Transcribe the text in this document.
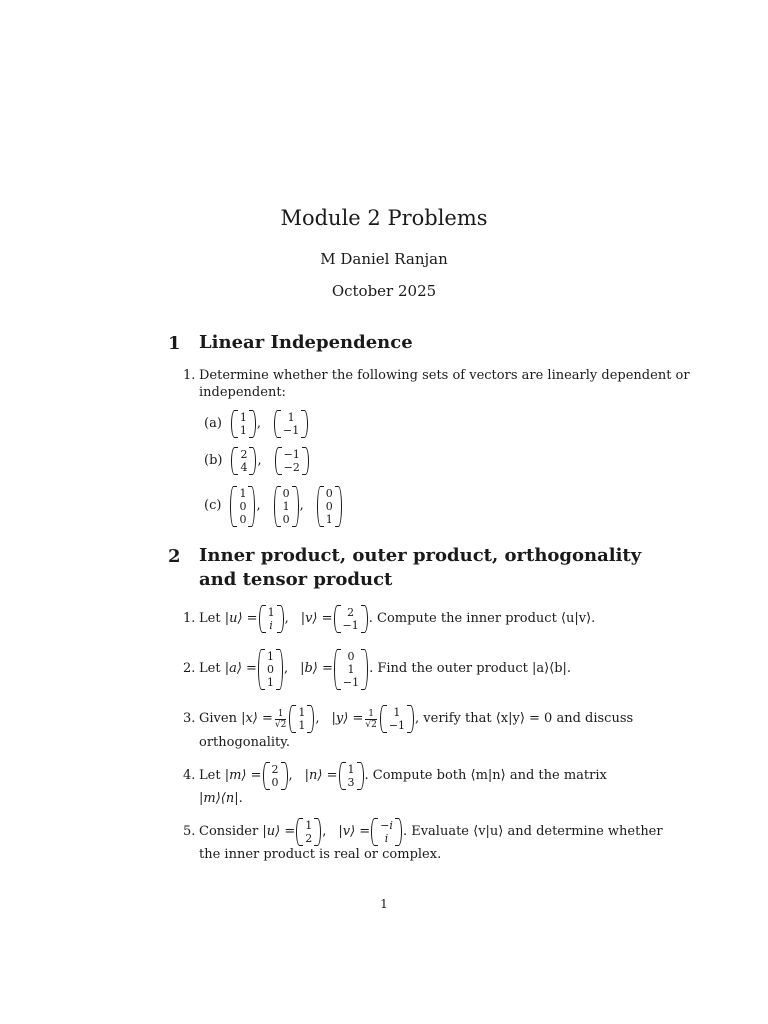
Module 2 Problems
M Daniel Ranjan
October 2025
1 Linear Independence
1. Determine whether the following sets of vectors are linearly dependent or
independent:
(a) 1
1 ,	1
−1
(b) 2
4 , −1
−2
(c)
1
0
0
,
0
1
0
,
0
0
1
2 Inner product, outer product, orthogonality
and tensor product
1. Let
|u⟩ = 1
i , |v⟩ =	2
−1 . Compute the inner product ⟨u|v⟩.
2. Let
|a⟩ =
1
0
1
, |b⟩ =
0
1
−1
. Find the outer product |a⟩⟨b|.
3. Given
|x⟩ = $\frac{1}{√2} 1$
1 , |y⟩ = $\frac{1}{√2}$	1
−1 , verify that ⟨x|y⟩ = 0 and discuss
orthogonality.
4. Let
|m⟩ = 2
0 , |n⟩ = 1
3 . Compute both ⟨m|n⟩ and the matrix
|m⟩⟨n|.
5. Consider
|u⟩ = 1
2 , |v⟩ = −i
i	. Evaluate ⟨v|u⟩ and determine whether
the inner product is real or complex.
1
